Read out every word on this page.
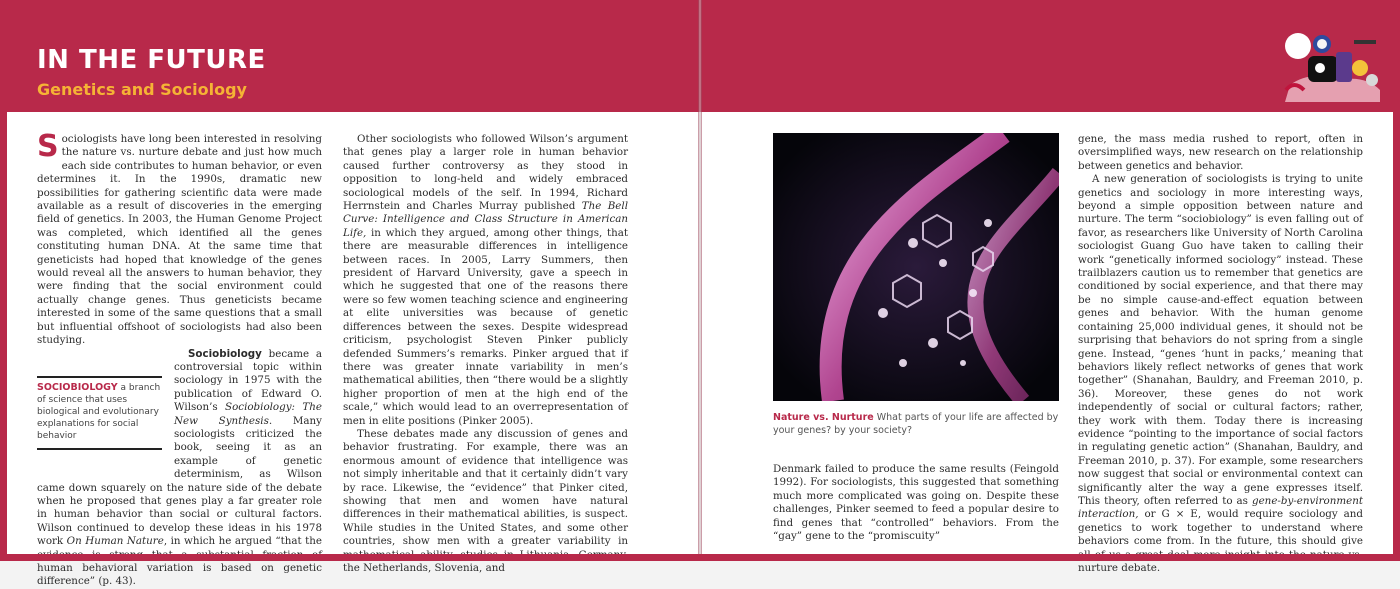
IN THE FUTURE
Genetics and Sociology

Sociologists have long been interested in resolving the nature vs. nurture debate and just how much each side contributes to human behavior, or even determines it. In the 1990s, dramatic new possibilities for gathering scientific data were made available as a result of discoveries in the emerging field of genetics. In 2003, the Human Genome Project was completed, which identified all the genes constituting human DNA. At the same time that geneticists had hoped that knowledge of the genes would reveal all the answers to human behavior, they were finding that the social environment could actually change genes. Thus geneticists became interested in some of the same questions that a small but influential offshoot of sociologists had also been studying.

Sociobiology became a controversial topic within sociology in 1975 with the publication of Edward O. Wilson’s Sociobiology: The New Synthesis. Many sociologists criticized the book, seeing it as an example of genetic determinism, as Wilson came down squarely on the nature side of the debate when he proposed that genes play a far greater role in human behavior than social or cultural factors. Wilson continued to develop these ideas in his 1978 work On Human Nature, in which he argued “that the evidence is strong that a substantial fraction of human behavioral variation is based on genetic difference” (p. 43).

SOCIOBIOLOGY a branch of science that uses biological and evolutionary explanations for social behavior

Other sociologists who followed Wilson’s argument that genes play a larger role in human behavior caused further controversy as they stood in opposition to long-held and widely embraced sociological models of the self. In 1994, Richard Herrnstein and Charles Murray published The Bell Curve: Intelligence and Class Structure in American Life, in which they argued, among other things, that there are measurable differences in intelligence between races. In 2005, Larry Summers, then president of Harvard University, gave a speech in which he suggested that one of the reasons there were so few women teaching science and engineering at elite universities was because of genetic differences between the sexes. Despite widespread criticism, psychologist Steven Pinker publicly defended Summers’s remarks. Pinker argued that if there was greater innate variability in men’s mathematical abilities, then “there would be a slightly higher proportion of men at the high end of the scale,” which would lead to an overrepresentation of men in elite positions (Pinker 2005).

These debates made any discussion of genes and behavior frustrating. For example, there was an enormous amount of evidence that intelligence was not simply inheritable and that it certainly didn’t vary by race. Likewise, the “evidence” that Pinker cited, showing that men and women have natural differences in their mathematical abilities, is suspect. While studies in the United States, and some other countries, show men with a greater variability in mathematical ability, studies in Lithuania, Germany, the Netherlands, Slovenia, and

Nature vs. Nurture What parts of your life are affected by your genes? by your society?

Denmark failed to produce the same results (Feingold 1992). For sociologists, this suggested that something much more complicated was going on. Despite these challenges, Pinker seemed to feed a popular desire to find genes that “controlled” behaviors. From the “gay” gene to the “promiscuity”

gene, the mass media rushed to report, often in oversimplified ways, new research on the relationship between genetics and behavior.

A new generation of sociologists is trying to unite genetics and sociology in more interesting ways, beyond a simple opposition between nature and nurture. The term “sociobiology” is even falling out of favor, as researchers like University of North Carolina sociologist Guang Guo have taken to calling their work “genetically informed sociology” instead. These trailblazers caution us to remember that genetics are conditioned by social experience, and that there may be no simple cause-and-effect equation between genes and behavior. With the human genome containing 25,000 individual genes, it should not be surprising that behaviors do not spring from a single gene. Instead, “genes ‘hunt in packs,’ meaning that behaviors likely reflect networks of genes that work together” (Shanahan, Bauldry, and Freeman 2010, p. 36). Moreover, these genes do not work independently of social or cultural factors; rather, they work with them. Today there is increasing evidence “pointing to the importance of social factors in regulating genetic action” (Shanahan, Bauldry, and Freeman 2010, p. 37). For example, some researchers now suggest that social or environmental context can significantly alter the way a gene expresses itself. This theory, often referred to as gene-by-environment interaction, or G × E, would require sociology and genetics to work together to understand where behaviors come from. In the future, this should give all of us a great deal more insight into the nature vs. nurture debate.
